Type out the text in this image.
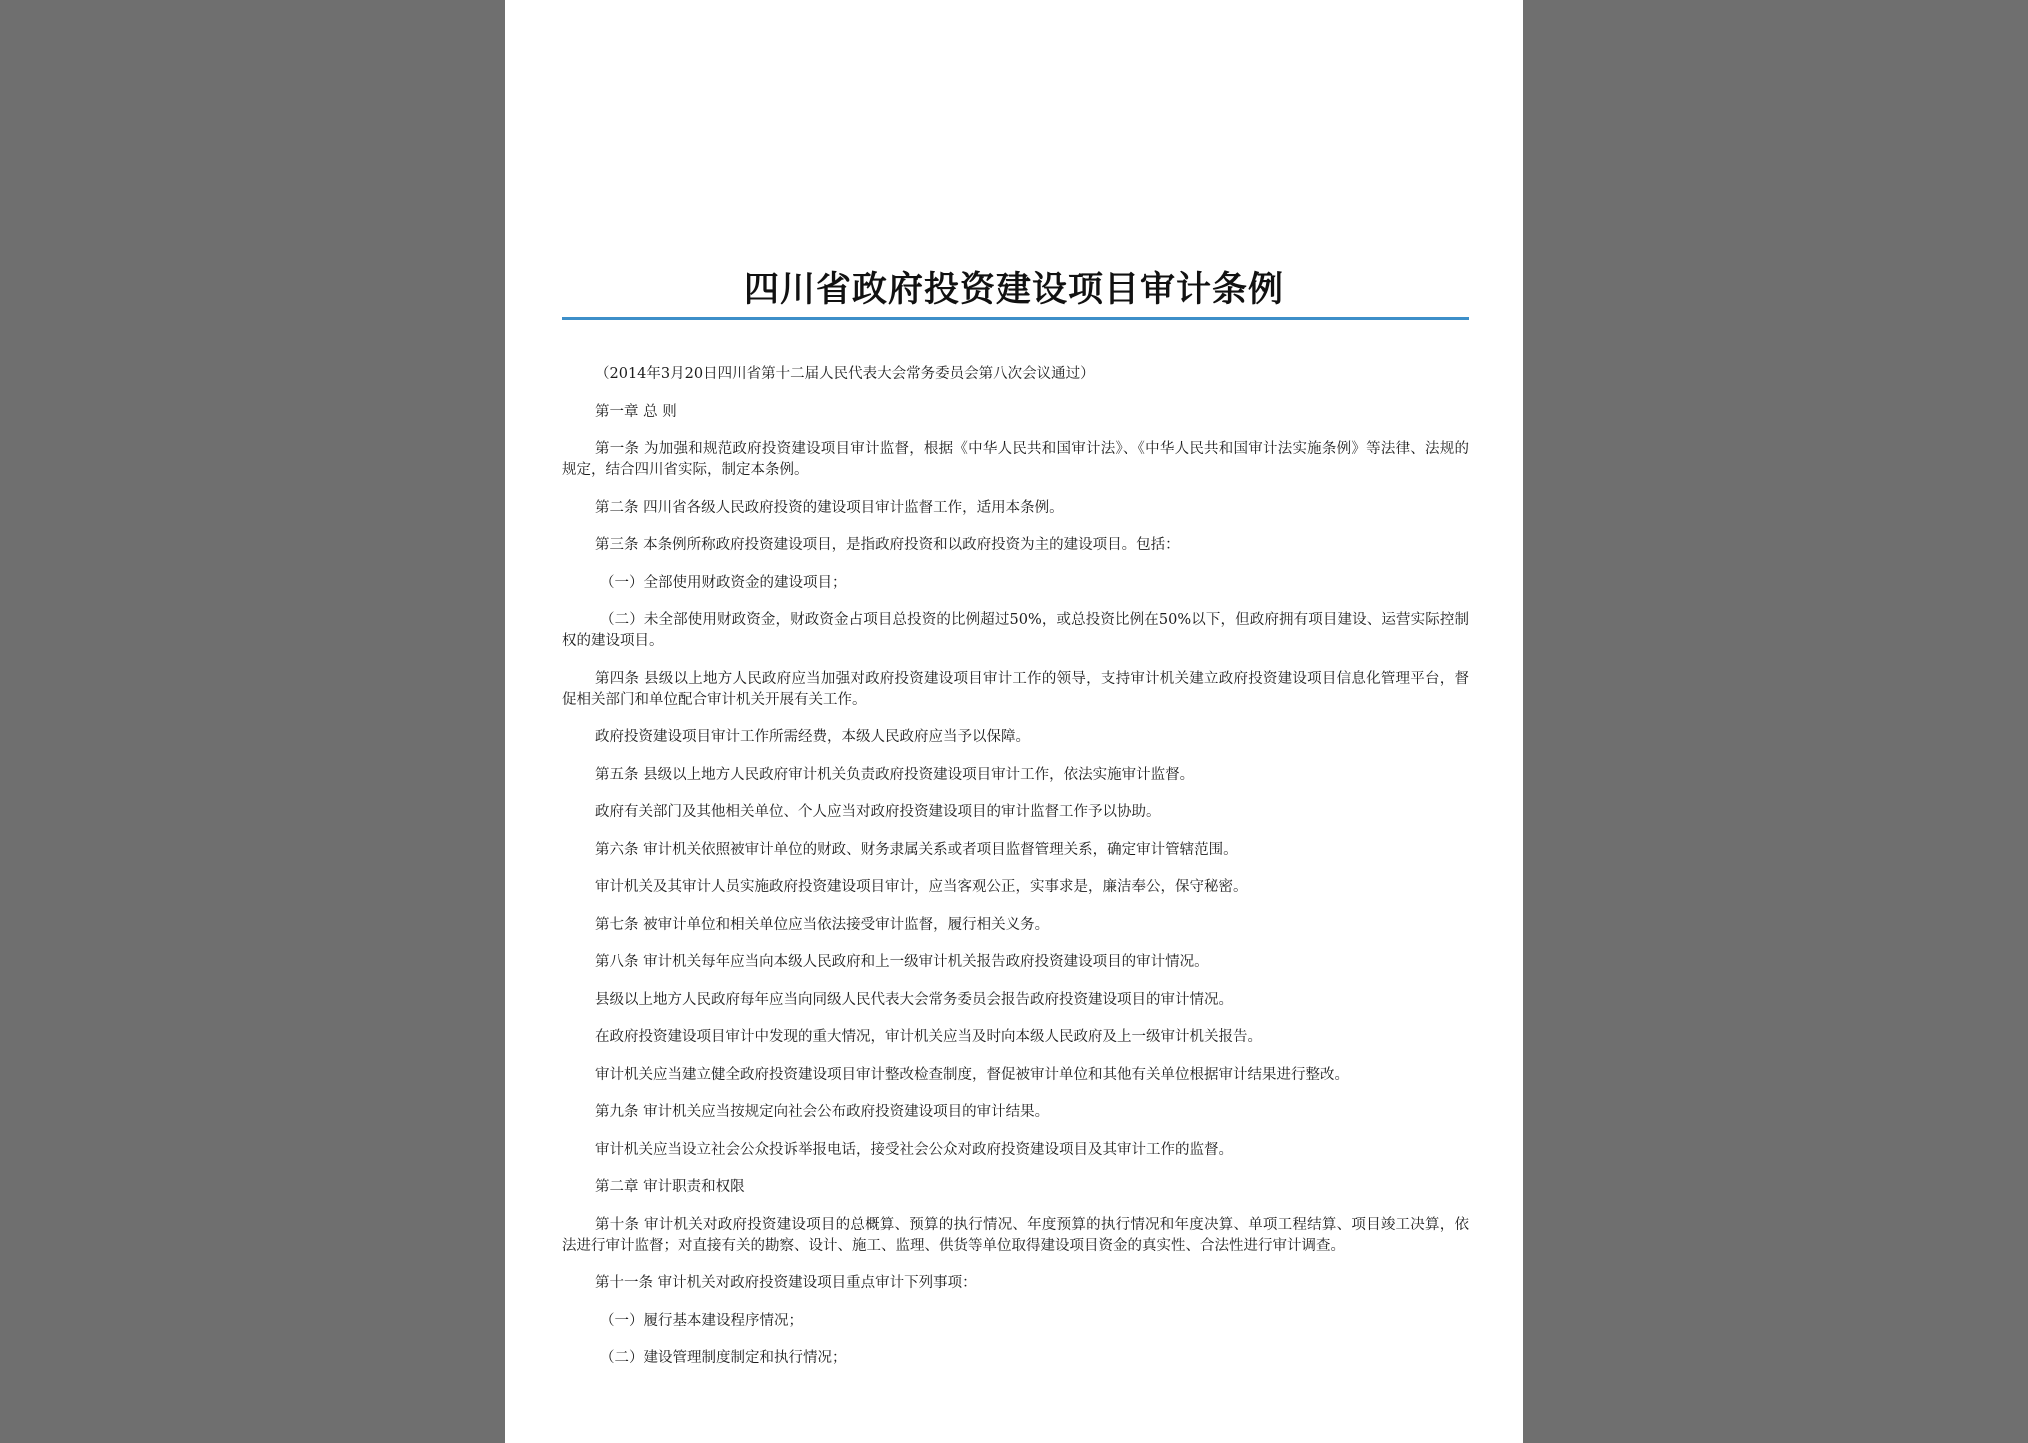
四川省政府投资建设项目审计条例

（2014年3月20日四川省第十二届人民代表大会常务委员会第八次会议通过）

第一章 总 则

第一条 为加强和规范政府投资建设项目审计监督，根据《中华人民共和国审计法》、《中华人民共和国审计法实施条例》等法律、法规的规定，结合四川省实际，制定本条例。

第二条 四川省各级人民政府投资的建设项目审计监督工作，适用本条例。

第三条 本条例所称政府投资建设项目，是指政府投资和以政府投资为主的建设项目。包括：

（一）全部使用财政资金的建设项目；

（二）未全部使用财政资金，财政资金占项目总投资的比例超过50%，或总投资比例在50%以下，但政府拥有项目建设、运营实际控制权的建设项目。

第四条 县级以上地方人民政府应当加强对政府投资建设项目审计工作的领导，支持审计机关建立政府投资建设项目信息化管理平台，督促相关部门和单位配合审计机关开展有关工作。

政府投资建设项目审计工作所需经费，本级人民政府应当予以保障。

第五条 县级以上地方人民政府审计机关负责政府投资建设项目审计工作，依法实施审计监督。

政府有关部门及其他相关单位、个人应当对政府投资建设项目的审计监督工作予以协助。

第六条 审计机关依照被审计单位的财政、财务隶属关系或者项目监督管理关系，确定审计管辖范围。

审计机关及其审计人员实施政府投资建设项目审计，应当客观公正，实事求是，廉洁奉公，保守秘密。

第七条 被审计单位和相关单位应当依法接受审计监督，履行相关义务。

第八条 审计机关每年应当向本级人民政府和上一级审计机关报告政府投资建设项目的审计情况。

县级以上地方人民政府每年应当向同级人民代表大会常务委员会报告政府投资建设项目的审计情况。

在政府投资建设项目审计中发现的重大情况，审计机关应当及时向本级人民政府及上一级审计机关报告。

审计机关应当建立健全政府投资建设项目审计整改检查制度，督促被审计单位和其他有关单位根据审计结果进行整改。

第九条 审计机关应当按规定向社会公布政府投资建设项目的审计结果。

审计机关应当设立社会公众投诉举报电话，接受社会公众对政府投资建设项目及其审计工作的监督。

第二章 审计职责和权限

第十条 审计机关对政府投资建设项目的总概算、预算的执行情况、年度预算的执行情况和年度决算、单项工程结算、项目竣工决算，依法进行审计监督；对直接有关的勘察、设计、施工、监理、供货等单位取得建设项目资金的真实性、合法性进行审计调查。

第十一条 审计机关对政府投资建设项目重点审计下列事项：

（一）履行基本建设程序情况；

（二）建设管理制度制定和执行情况；
